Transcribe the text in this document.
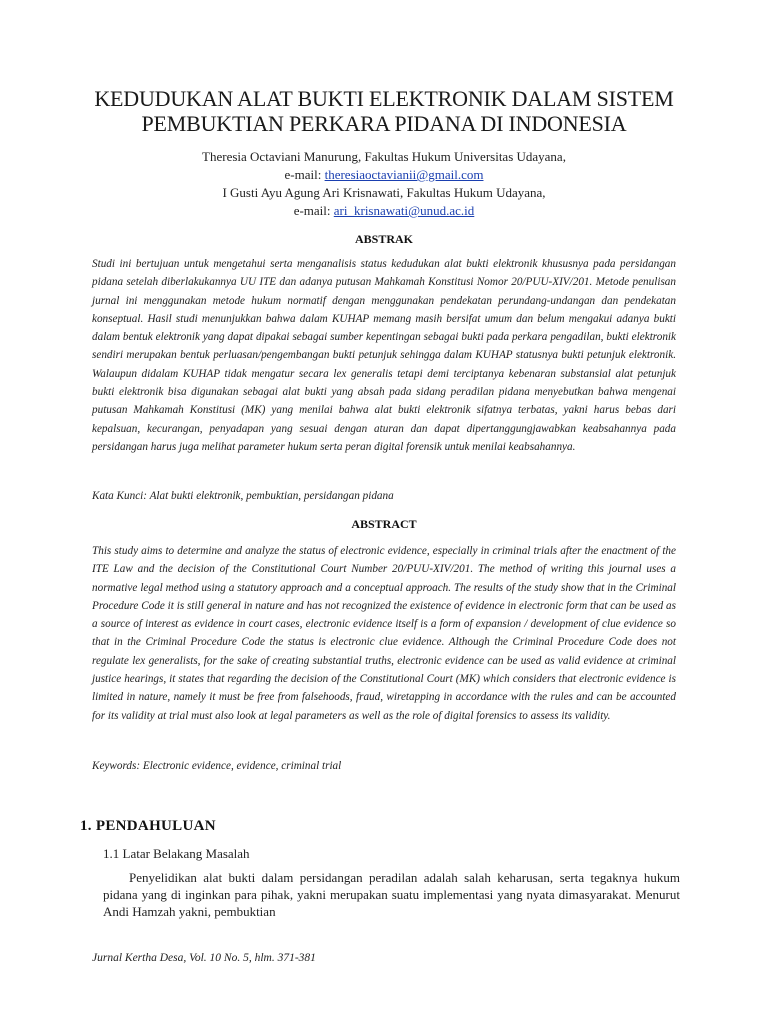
KEDUDUKAN ALAT BUKTI ELEKTRONIK DALAM SISTEM
PEMBUKTIAN PERKARA PIDANA DI INDONESIA
Theresia Octaviani Manurung, Fakultas Hukum Universitas Udayana,
e-mail: theresiaoctavianii@gmail.com
I Gusti Ayu Agung Ari Krisnawati, Fakultas Hukum Udayana,
e-mail: ari_krisnawati@unud.ac.id
ABSTRAK
Studi ini bertujuan untuk mengetahui serta menganalisis status kedudukan alat bukti elektronik khususnya pada persidangan pidana setelah diberlakukannya UU ITE dan adanya putusan Mahkamah Konstitusi Nomor 20/PUU-XIV/201. Metode penulisan jurnal ini menggunakan metode hukum normatif dengan menggunakan pendekatan perundang-undangan dan pendekatan konseptual. Hasil studi menunjukkan bahwa dalam KUHAP memang masih bersifat umum dan belum mengakui adanya bukti dalam bentuk elektronik yang dapat dipakai sebagai sumber kepentingan sebagai bukti pada perkara pengadilan, bukti elektronik sendiri merupakan bentuk perluasan/pengembangan bukti petunjuk sehingga dalam KUHAP statusnya bukti petunjuk elektronik. Walaupun didalam KUHAP tidak mengatur secara lex generalis tetapi demi terciptanya kebenaran substansial alat petunjuk bukti elektronik bisa digunakan sebagai alat bukti yang absah pada sidang peradilan pidana menyebutkan bahwa mengenai putusan Mahkamah Konstitusi (MK) yang menilai bahwa alat bukti elektronik sifatnya terbatas, yakni harus bebas dari kepalsuan, kecurangan, penyadapan yang sesuai dengan aturan dan dapat dipertanggungjawabkan keabsahannya pada persidangan harus juga melihat parameter hukum serta peran digital forensik untuk menilai keabsahannya.
Kata Kunci: Alat bukti elektronik, pembuktian, persidangan pidana
ABSTRACT
This study aims to determine and analyze the status of electronic evidence, especially in criminal trials after the enactment of the ITE Law and the decision of the Constitutional Court Number 20/PUU-XIV/201. The method of writing this journal uses a normative legal method using a statutory approach and a conceptual approach. The results of the study show that in the Criminal Procedure Code it is still general in nature and has not recognized the existence of evidence in electronic form that can be used as a source of interest as evidence in court cases, electronic evidence itself is a form of expansion / development of clue evidence so that in the Criminal Procedure Code the status is electronic clue evidence. Although the Criminal Procedure Code does not regulate lex generalists, for the sake of creating substantial truths, electronic evidence can be used as valid evidence at criminal justice hearings, it states that regarding the decision of the Constitutional Court (MK) which considers that electronic evidence is limited in nature, namely it must be free from falsehoods, fraud, wiretapping in accordance with the rules and can be accounted for its validity at trial must also look at legal parameters as well as the role of digital forensics to assess its validity.
Keywords: Electronic evidence, evidence, criminal trial
1. PENDAHULUAN
1.1 Latar Belakang Masalah
Penyelidikan alat bukti dalam persidangan peradilan adalah salah keharusan, serta tegaknya hukum pidana yang di inginkan para pihak, yakni merupakan suatu implementasi yang nyata dimasyarakat. Menurut Andi Hamzah yakni, pembuktian
Jurnal Kertha Desa, Vol. 10 No. 5, hlm. 371-381
